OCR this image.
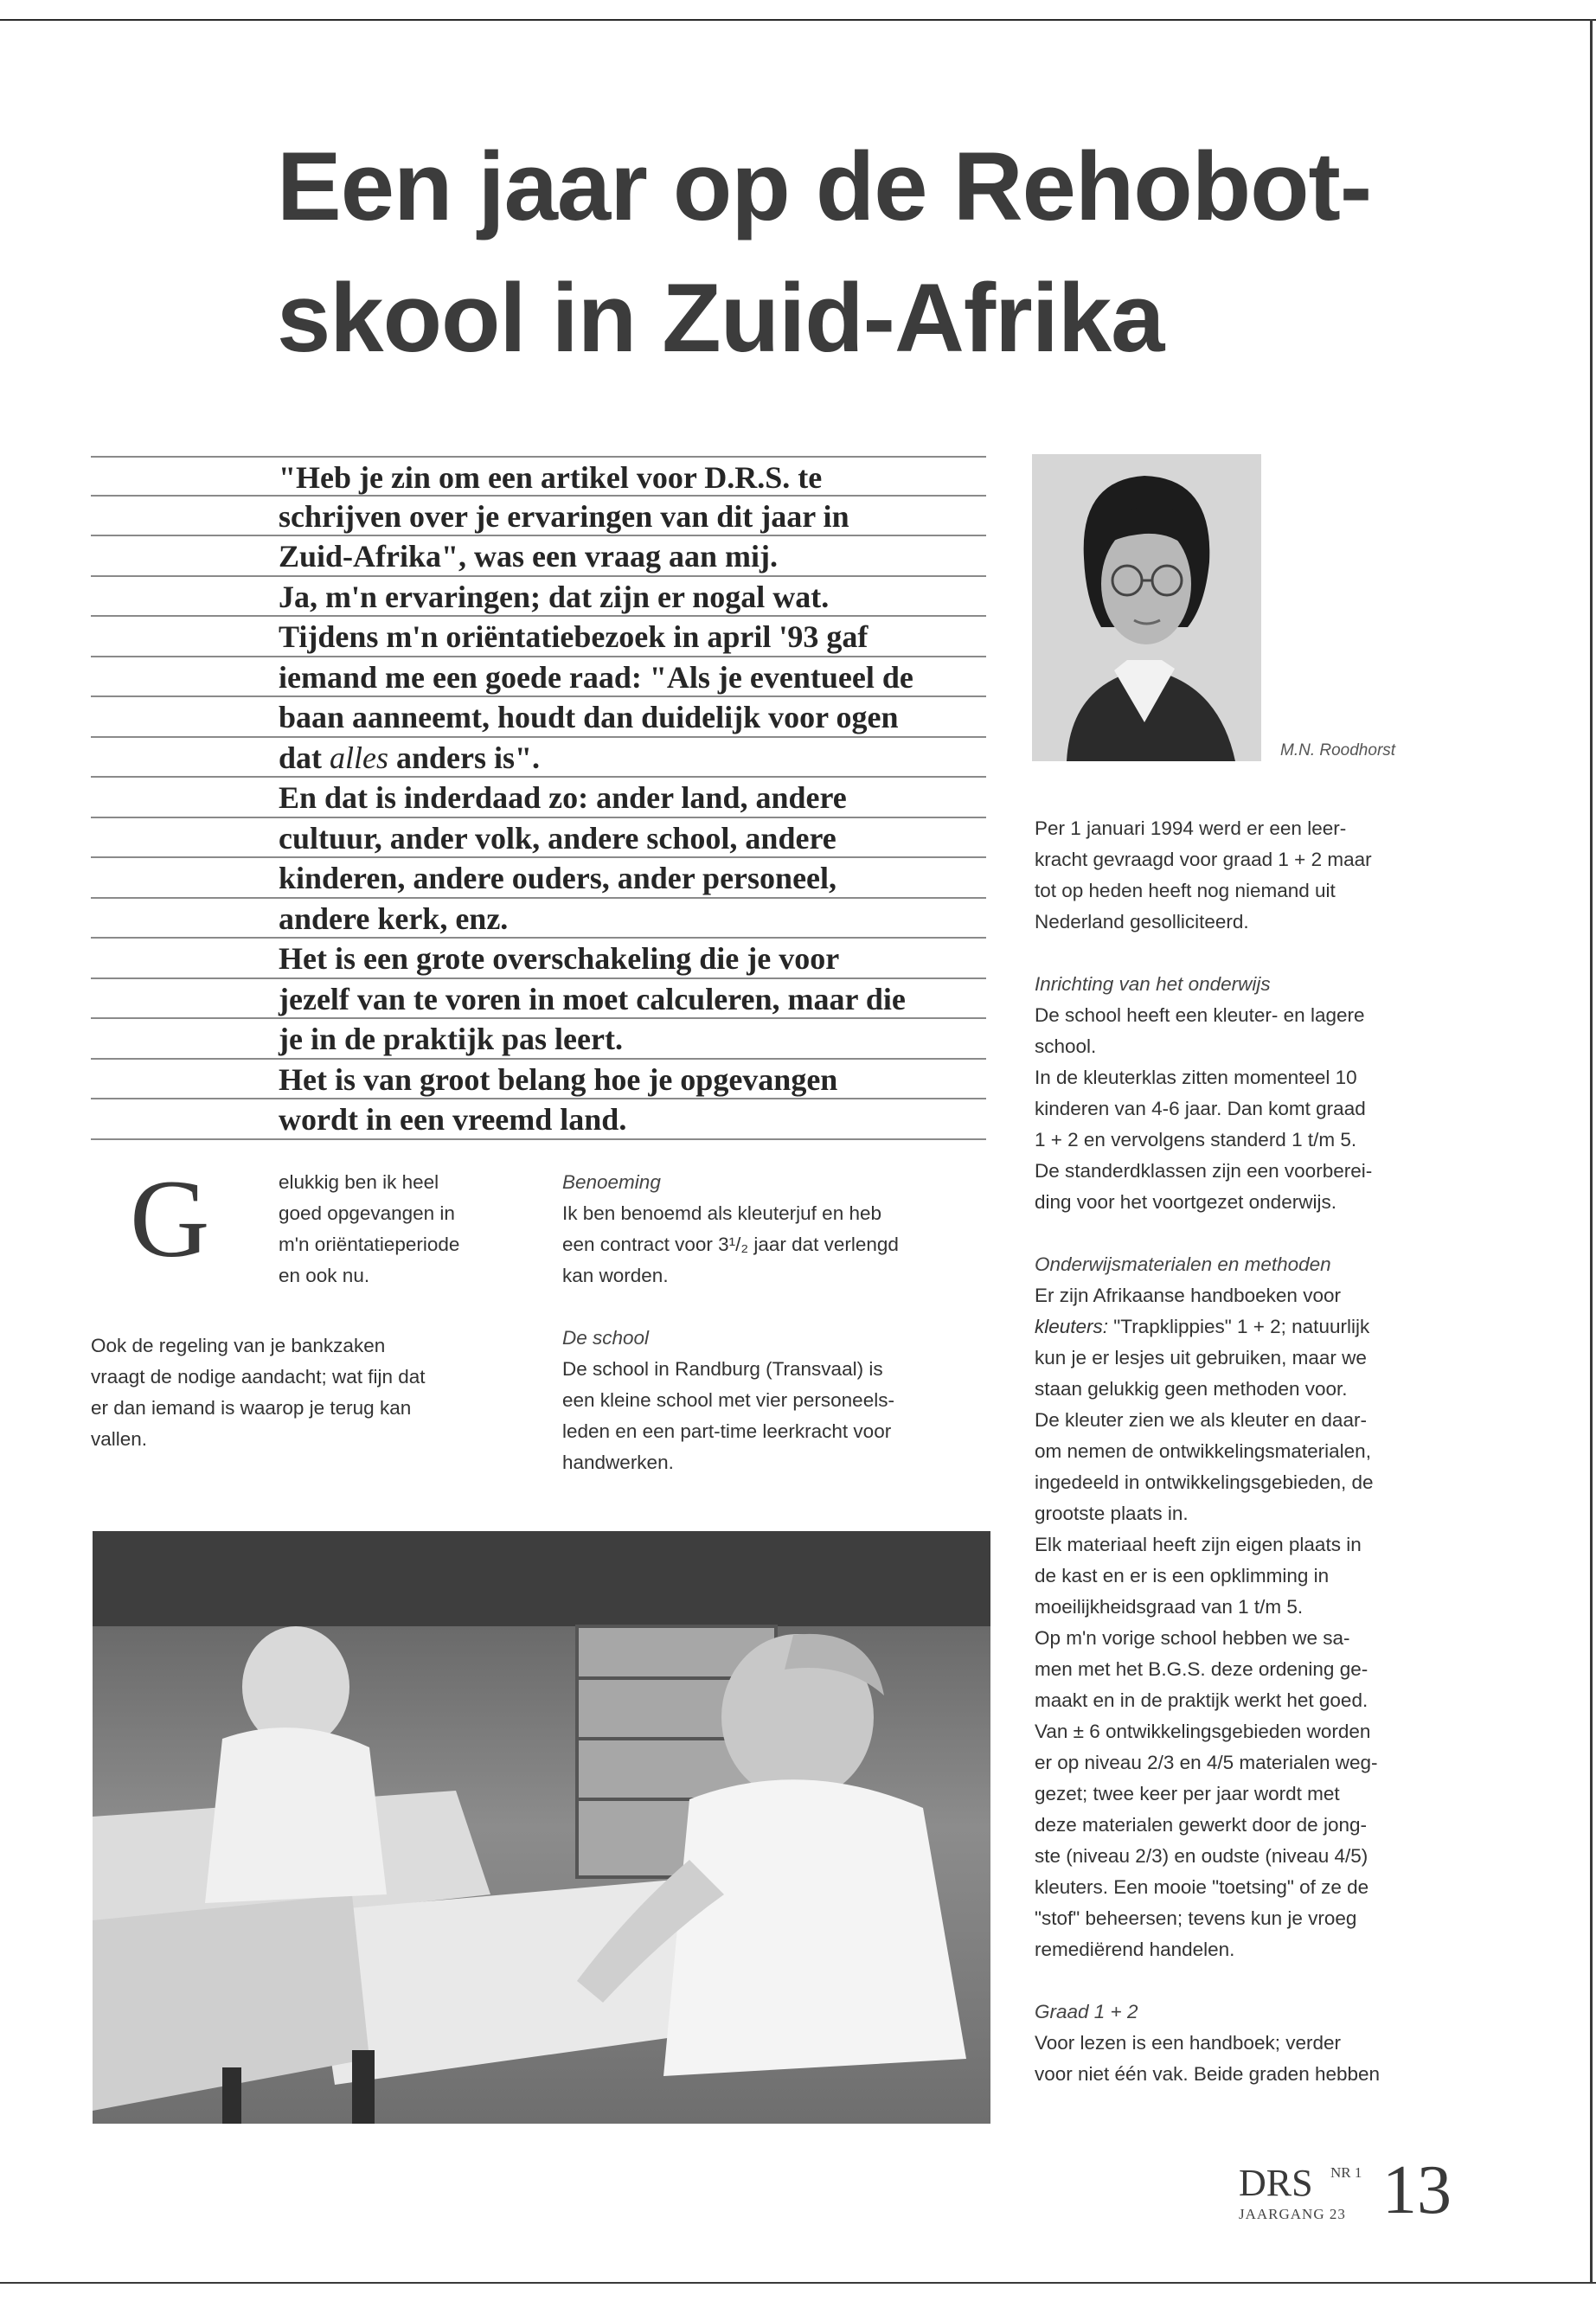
Een jaar op de Rehobot-
skool in Zuid-Afrika
"Heb je zin om een artikel voor D.R.S. te
schrijven over je ervaringen van dit jaar in
Zuid-Afrika", was een vraag aan mij.
Ja, m'n ervaringen; dat zijn er nogal wat.
Tijdens m'n oriëntatiebezoek in april '93 gaf
iemand me een goede raad: "Als je eventueel de
baan aanneemt, houdt dan duidelijk voor ogen
dat alles anders is".
En dat is inderdaad zo: ander land, andere
cultuur, ander volk, andere school, andere
kinderen, andere ouders, ander personeel,
andere kerk, enz.
Het is een grote overschakeling die je voor
jezelf van te voren in moet calculeren, maar die
je in de praktijk pas leert.
Het is van groot belang hoe je opgevangen
wordt in een vreemd land.
M.N. Roodhorst
G	elukkig ben ik heel

goed opgevangen in

m'n oriëntatieperiode

en ook nu.

Ook de regeling van je bankzaken

vraagt de nodige aandacht; wat fijn dat

er dan iemand is waarop je terug kan

vallen.

Benoeming

Ik ben benoemd als kleuterjuf en heb

een contract voor 3¹/₂ jaar dat verlengd

kan worden.

De school

De school in Randburg (Transvaal) is

een kleine school met vier personeels-

leden en een part-time leerkracht voor

handwerken.

Per 1 januari 1994 werd er een leer-

kracht gevraagd voor graad 1 + 2 maar

tot op heden heeft nog niemand uit

Nederland gesolliciteerd.

Inrichting van het onderwijs

De school heeft een kleuter- en lagere

school.

In de kleuterklas zitten momenteel 10

kinderen van 4-6 jaar. Dan komt graad

1 + 2 en vervolgens standerd 1 t/m 5.

De standerdklassen zijn een voorberei-

ding voor het voortgezet onderwijs.

Onderwijsmaterialen en methoden

Er zijn Afrikaanse handboeken voor

kleuters: "Trapklippies" 1 + 2; natuurlijk

kun je er lesjes uit gebruiken, maar we

staan gelukkig geen methoden voor.

De kleuter zien we als kleuter en daar-

om nemen de ontwikkelingsmaterialen,

ingedeeld in ontwikkelingsgebieden, de

grootste plaats in.

Elk materiaal heeft zijn eigen plaats in

de kast en er is een opklimming in

moeilijkheidsgraad van 1 t/m 5.

Op m'n vorige school hebben we sa-

men met het B.G.S. deze ordening ge-

maakt en in de praktijk werkt het goed.

Van ± 6 ontwikkelingsgebieden worden

er op niveau 2/3 en 4/5 materialen weg-

gezet; twee keer per jaar wordt met

deze materialen gewerkt door de jong-

ste (niveau 2/3) en oudste (niveau 4/5)

kleuters. Een mooie "toetsing" of ze de

"stof" beheersen; tevens kun je vroeg

remediërend handelen.

Graad 1 + 2

Voor lezen is een handboek; verder

voor niet één vak. Beide graden hebben

DRS NR 1
JAARGANG 23 13
